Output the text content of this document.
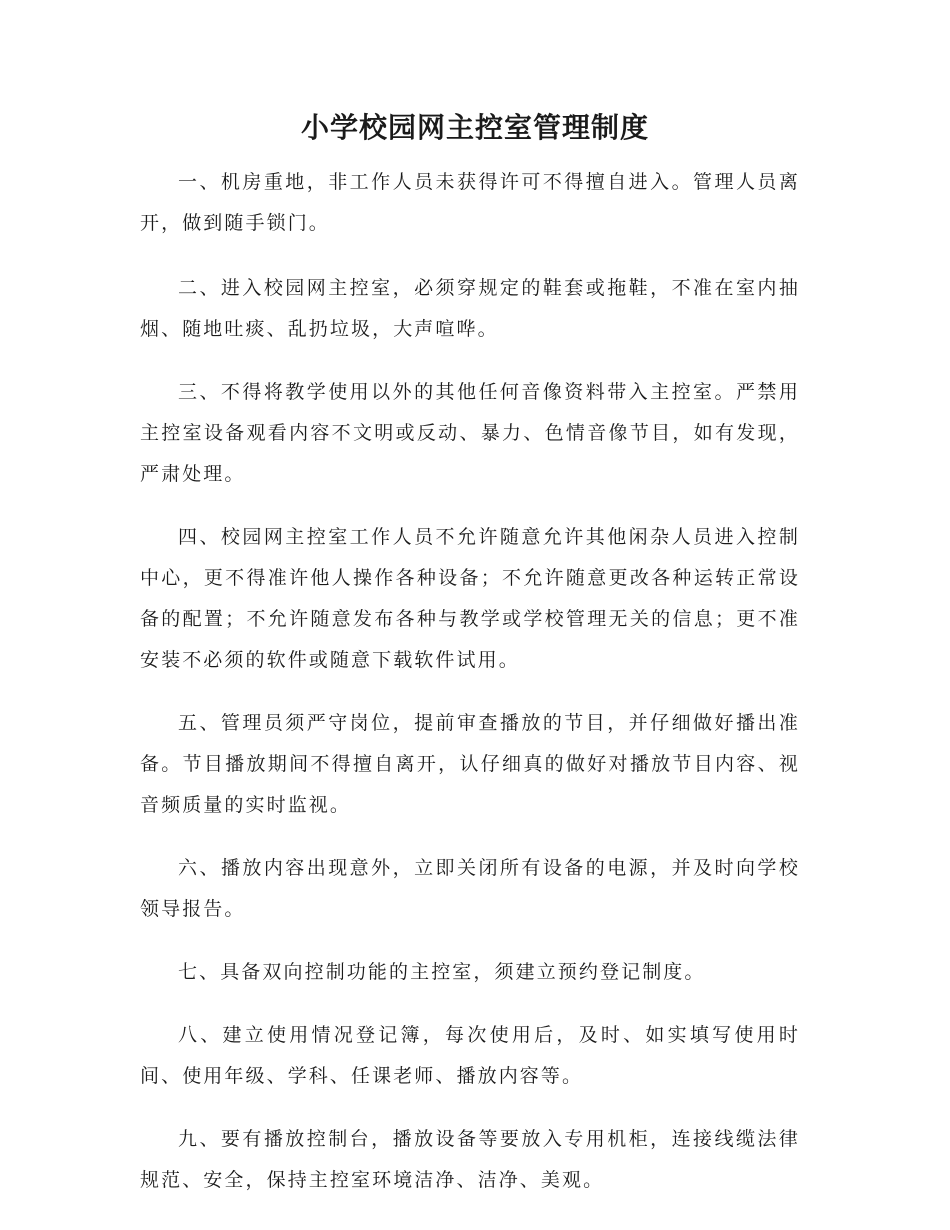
小学校园网主控室管理制度

一、机房重地，非工作人员未获得许可不得擅自进入。管理人员离开，做到随手锁门。

二、进入校园网主控室，必须穿规定的鞋套或拖鞋，不准在室内抽烟、随地吐痰、乱扔垃圾，大声喧哗。

三、不得将教学使用以外的其他任何音像资料带入主控室。严禁用主控室设备观看内容不文明或反动、暴力、色情音像节目，如有发现，严肃处理。

四、校园网主控室工作人员不允许随意允许其他闲杂人员进入控制中心，更不得准许他人操作各种设备；不允许随意更改各种运转正常设备的配置；不允许随意发布各种与教学或学校管理无关的信息；更不准安装不必须的软件或随意下载软件试用。

五、管理员须严守岗位，提前审查播放的节目，并仔细做好播出准备。节目播放期间不得擅自离开，认仔细真的做好对播放节目内容、视音频质量的实时监视。

六、播放内容出现意外，立即关闭所有设备的电源，并及时向学校领导报告。

七、具备双向控制功能的主控室，须建立预约登记制度。

八、建立使用情况登记簿，每次使用后，及时、如实填写使用时间、使用年级、学科、任课老师、播放内容等。

九、要有播放控制台，播放设备等要放入专用机柜，连接线缆法律规范、安全，保持主控室环境洁净、洁净、美观。
